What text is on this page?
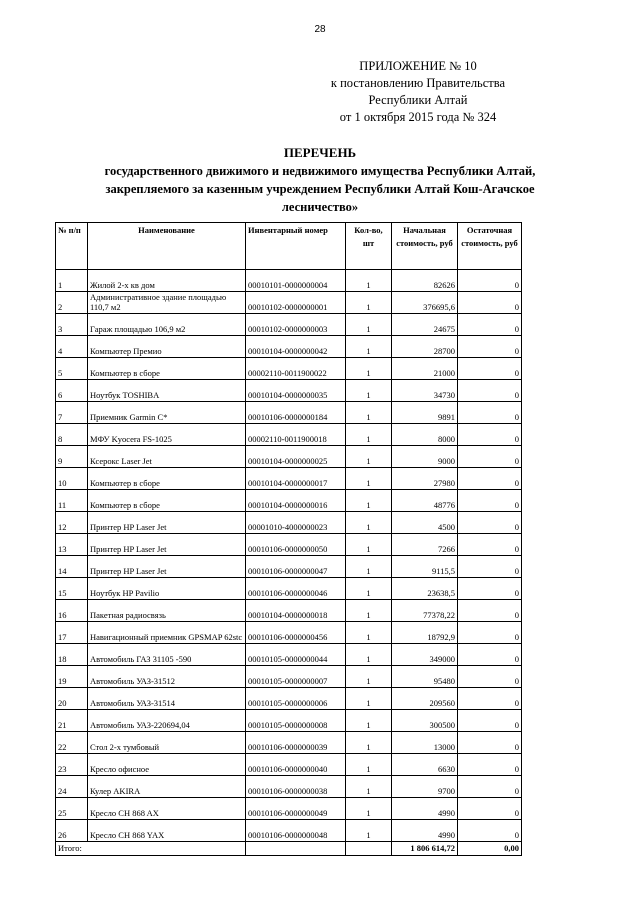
28
ПРИЛОЖЕНИЕ № 10
к постановлению Правительства
Республики Алтай
от 1 октября 2015 года № 324
ПЕРЕЧЕНЬ
государственного движимого и недвижимого имущества Республики Алтай,
закрепляемого за казенным учреждением Республики Алтай Кош-Агачское
лесничество»
№ п/п	Наименование	Инвентарный номер	Кол-во, шт	Начальная стоимость, руб	Остаточная стоимость, руб
1	Жилой 2-х кв дом	00010101-0000000004	1	82626	0
2	Административное здание площадью 110,7 м2	00010102-0000000001	1	376695,6	0
3	Гараж площадью 106,9 м2	00010102-0000000003	1	24675	0
4	Компьютер Премио	00010104-0000000042	1	28700	0
5	Компьютер в сборе	00002110-0011900022	1	21000	0
6	Ноутбук TOSHIBA	00010104-0000000035	1	34730	0
7	Приемник Garmin C*	00010106-0000000184	1	9891	0
8	МФУ Kyocera FS-1025	00002110-0011900018	1	8000	0
9	Ксерокс Laser Jet	00010104-0000000025	1	9000	0
10	Компьютер в сборе	00010104-0000000017	1	27980	0
11	Компьютер в сборе	00010104-0000000016	1	48776	0
12	Принтер HP Laser Jet	00001010-4000000023	1	4500	0
13	Принтер HP Laser Jet	00010106-0000000050	1	7266	0
14	Принтер HP Laser Jet	00010106-0000000047	1	9115,5	0
15	Ноутбук HP Pavilio	00010106-0000000046	1	23638,5	0
16	Пакетная радиосвязь	00010104-0000000018	1	77378,22	0
17	Навигационный приемник GPSMAP 62stc	00010106-0000000456	1	18792,9	0
18	Автомобиль ГАЗ 31105 -590	00010105-0000000044	1	349000	0
19	Автомобиль УАЗ-31512	00010105-0000000007	1	95480	0
20	Автомобиль УАЗ-31514	00010105-0000000006	1	209560	0
21	Автомобиль УАЗ-220694,04	00010105-0000000008	1	300500	0
22	Стол 2-х тумбовый	00010106-0000000039	1	13000	0
23	Кресло офисное	00010106-0000000040	1	6630	0
24	Кулер AKIRA	00010106-0000000038	1	9700	0
25	Кресло CH 868 AX	00010106-0000000049	1	4990	0
26	Кресло CH 868 YAX	00010106-0000000048	1	4990	0
Итого:				1 806 614,72	0,00
